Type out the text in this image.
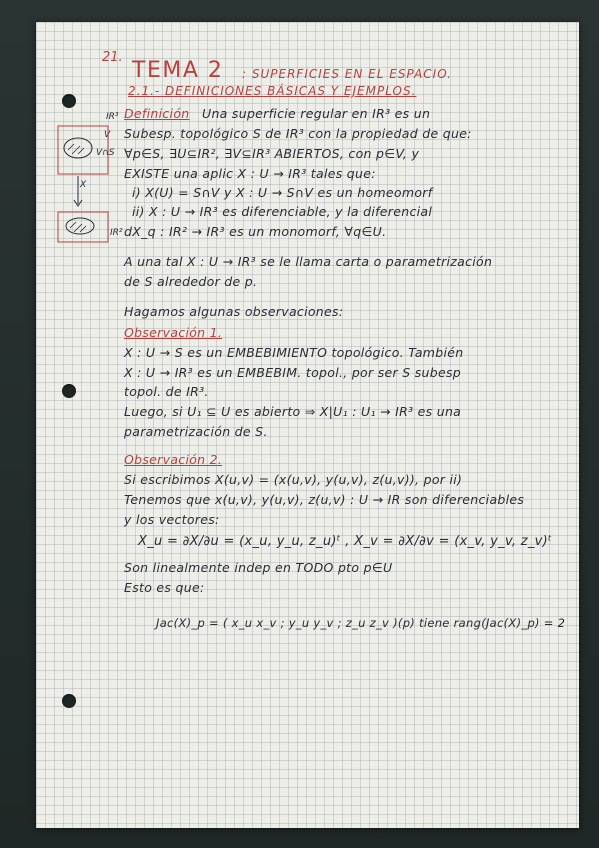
21.
TEMA 2 : SUPERFICIES EN EL ESPACIO.
2.1.- DEFINICIONES BÁSICAS Y EJEMPLOS.
IR³
V
V∩S
X
IR²
Definición Una superficie regular en IR³ es un
Subesp. topológico S de IR³ con la propiedad de que:
∀p∈S, ∃U⊆IR², ∃V⊆IR³ ABIERTOS, con p∈V, y
EXISTE una aplic X : U → IR³ tales que:
i) X(U) = S∩V y X : U → S∩V es un homeomorf
ii) X : U → IR³ es diferenciable, y la diferencial
dX_q : IR² → IR³ es un monomorf, ∀q∈U.
A una tal X : U → IR³ se le llama carta o parametrización
de S alrededor de p.
Hagamos algunas observaciones:
Observación 1.
X : U → S es un EMBEBIMIENTO topológico. También
X : U → IR³ es un EMBEBIM. topol., por ser S subesp
topol. de IR³.
Luego, si U₁ ⊆ U es abierto ⇒ X|U₁ : U₁ → IR³ es una
parametrización de S.
Observación 2.
Si escribimos X(u,v) = (x(u,v), y(u,v), z(u,v)), por ii)
Tenemos que x(u,v), y(u,v), z(u,v) : U → IR son diferenciables
y los vectores:
X_u = ∂X/∂u = (x_u, y_u, z_u)ᵗ , X_v = ∂X/∂v = (x_v, y_v, z_v)ᵗ
Son linealmente indep en TODO pto p∈U
Esto es que:
Jac(X)_p = ( x_u x_v ; y_u y_v ; z_u z_v )(p) tiene rang(Jac(X)_p) = 2
